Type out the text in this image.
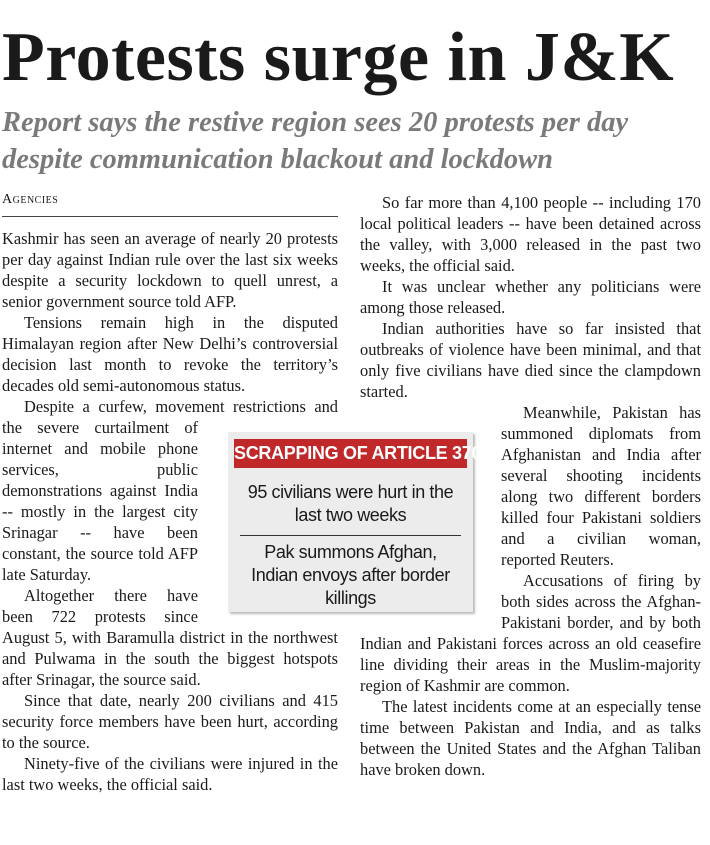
Protests surge in J&K
Report says the restive region sees 20 protests per day despite communication blackout and lockdown
Agencies

Kashmir has seen an average of nearly 20 protests per day against Indian rule over the last six weeks despite a security lockdown to quell unrest, a senior government source told AFP.

Tensions remain high in the disputed Himalayan region after New Delhi’s controversial decision last month to revoke the territory’s decades old semi-autonomous status.

Despite a curfew, movement restrictions and the severe curtailment of internet and mobile phone services, public demonstrations against India -- mostly in the largest city Srinagar -- have been constant, the source told AFP late Saturday.

Altogether there have been 722 protests since August 5, with Baramulla district in the northwest and Pulwama in the south the biggest hotspots after Srinagar, the source said.

Since that date, nearly 200 civilians and 415 security force members have been hurt, according to the source.

Ninety-five of the civilians were injured in the last two weeks, the official said.

So far more than 4,100 people -- including 170 local political leaders -- have been detained across the valley, with 3,000 released in the past two weeks, the official said.

It was unclear whether any politicians were among those released.

Indian authorities have so far insisted that outbreaks of violence have been minimal, and that only five civilians have died since the clampdown started.

Meanwhile, Pakistan has summoned diplomats from Afghanistan and India after several shooting incidents along two different borders killed four Pakistani soldiers and a civilian woman, reported Reuters.

Accusations of firing by both sides across the Afghan-Pakistani border, and by both Indian and Pakistani forces across an old ceasefire line dividing their areas in the Muslim-majority region of Kashmir are common.

The latest incidents come at an especially tense time between Pakistan and India, and as talks between the United States and the Afghan Taliban have broken down.

SCRAPPING OF ARTICLE 370
95 civilians were hurt in the last two weeks
Pak summons Afghan, Indian envoys after border killings
